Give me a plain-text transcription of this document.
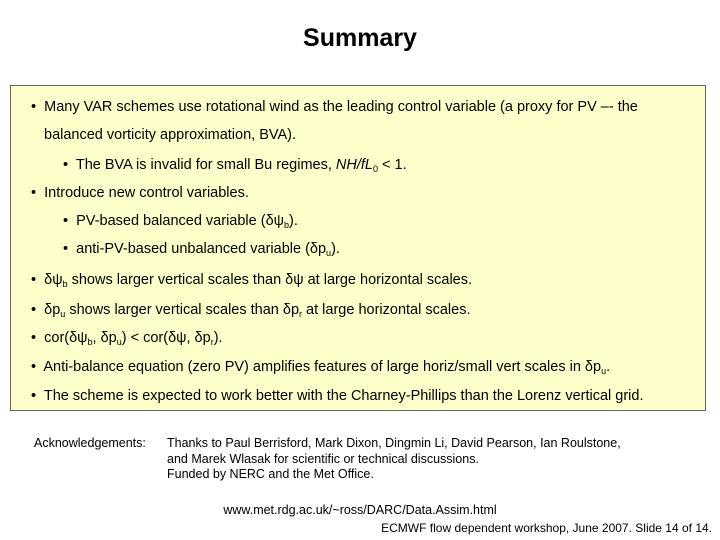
Summary
• Many VAR schemes use rotational wind as the leading control variable (a proxy for PV –- the
balanced vorticity approximation, BVA).
• The BVA is invalid for small Bu regimes, $NH/fL_0 < 1$.
• Introduce new control variables.
• PV-based balanced variable $(\delta\psi_b)$.
• anti-PV-based unbalanced variable $(\delta p_u)$.
• $\delta\psi_b$ shows larger vertical scales than δψ at large horizontal scales.
• $\delta p_u$ shows larger vertical scales than $\delta p_r$ at large horizontal scales.
• $cor(\delta\psi_b$, $\delta p_u) < cor(\delta\psi$, $\delta p_r$).
• Anti-balance equation (zero PV) amplifies features of large horiz/small vert scales in $\delta p_u$.
• The scheme is expected to work better with the Charney-Phillips than the Lorenz vertical grid.
Acknowledgements: Thanks to Paul Berrisford, Mark Dixon, Dingmin Li, David Pearson, Ian Roulstone,
and Marek Wlasak for scientific or technical discussions.
Funded by NERC and the Met Office.
www.met.rdg.ac.uk/~ross/DARC/Data.Assim.html
ECMWF flow dependent workshop, June 2007. Slide 14 of 14.
